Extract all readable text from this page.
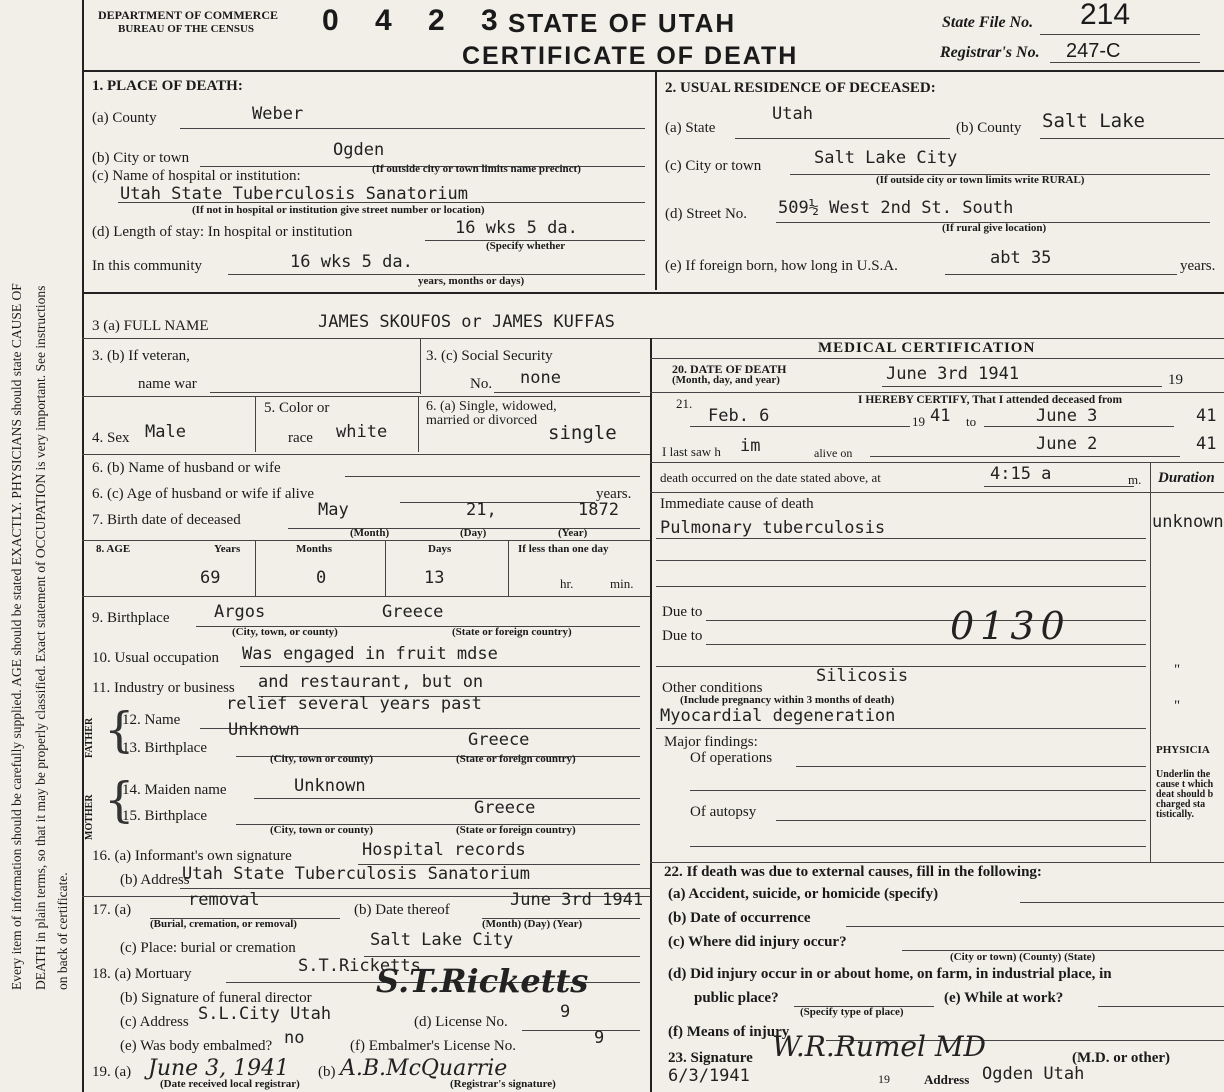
Every item of information should be carefully supplied. AGE should be stated EXACTLY. PHYSICIANS should state CAUSE OF DEATH in plain terms, so that it may be properly classified. Exact statement of OCCUPATION is very important. See instructions on back of certificate.
DEPARTMENT OF COMMERCE
BUREAU OF THE CENSUS 0 4 2 3
STATE OF UTAH
CERTIFICATE OF DEATH
State File No. 214
Registrar's No. 247-C
1. PLACE OF DEATH:
(a) County	Weber
(b) City or town	Ogden
(c) Name of hospital or institution:	(If outside city or town limits name precinct)
Utah State Tuberculosis Sanatorium
(If not in hospital or institution give street number or location)
(d) Length of stay: In hospital or institution	16 wks 5 da.
(Specify whether
In this community	16 wks 5 da.
years, months or days)
2. USUAL RESIDENCE OF DECEASED:
(a) State
Utah
(b) County Salt Lake
(c) City or town	Salt Lake City
(If outside city or town limits write RURAL)
(d) Street No. 509½ West 2nd St. South
(If rural give location)
(e) If foreign born, how long in U.S.A.	abt 35	years.
3 (a) FULL NAME	JAMES SKOUFOS or JAMES KUFFAS
3. (b) If veteran,
name war
3. (c) Social Security
No. none
4. Sex Male
5. Color or
race white
6. (a) Single, widowed, married or divorced
single
6. (b) Name of husband or wife
6. (c) Age of husband or wife if alive	years.
7. Birth date of deceased	May	21,	1872
(Month)	(Day)	(Year)
8. AGE	Years	Months	Days	If less than one day
69	0	13	hr.	min.
9. Birthplace	Argos	Greece
(City, town, or county)	(State or foreign country)
10. Usual occupation Was engaged in fruit mdse
11. Industry or business and restaurant, but on
relief several years past
FATHER
MOTHER
{
{
12. Name	Unknown
13. Birthplace	Greece
(City, town or county)	(State or foreign country)
14. Maiden name	Unknown
15. Birthplace	Greece
(City, town or county)	(State or foreign country)
16. (a) Informant's own signature	Hospital records
(b) Address
Utah State Tuberculosis Sanatorium
17. (a)	removal
(Burial, cremation, or removal)
(b) Date thereof	June 3rd 1941
(Month) (Day) (Year)
(c) Place: burial or cremation	Salt Lake City
18. (a) Mortuary	S.T.Ricketts
(b) Signature of funeral director S.T.Ricketts
(c) Address S.L.City Utah	(d) License No.	9
(e) Was body embalmed? no	(f) Embalmer's License No.	9
19. (a) June 3, 1941
(Date received local registrar)
(b) A.B.McQuarrie
(Registrar's signature)
MEDICAL CERTIFICATION
20. DATE OF DEATH
(Month, day, and year)	June 3rd 1941	19
21.	I HEREBY CERTIFY, That I attended deceased from
Feb. 6	19 41 to	June 3	41
I last saw h im	alive on	June 2	41
death occurred on the date stated above, at	4:15 a	m. Duration
Immediate cause of death
Pulmonary tuberculosis	unknown
Due to
Due to	0130
Other conditions
Silicosis
(Include pregnancy within 3 months of death)
Myocardial degeneration
Major findings:
Of operations
Of autopsy
"
"
PHYSICIA
Underlin the cause t which deat should b charged sta tistically.
22. If death was due to external causes, fill in the following:
(a) Accident, suicide, or homicide (specify)
(b) Date of occurrence
(c) Where did injury occur?
(City or town) (County) (State)
(d) Did injury occur in or about home, on farm, in industrial place, in
public place?
(Specify type of place)
(e) While at work?
(f) Means of injury
23. Signature W.R.Rumel MD	(M.D. or other)
6/3/1941	19	Address Ogden Utah
